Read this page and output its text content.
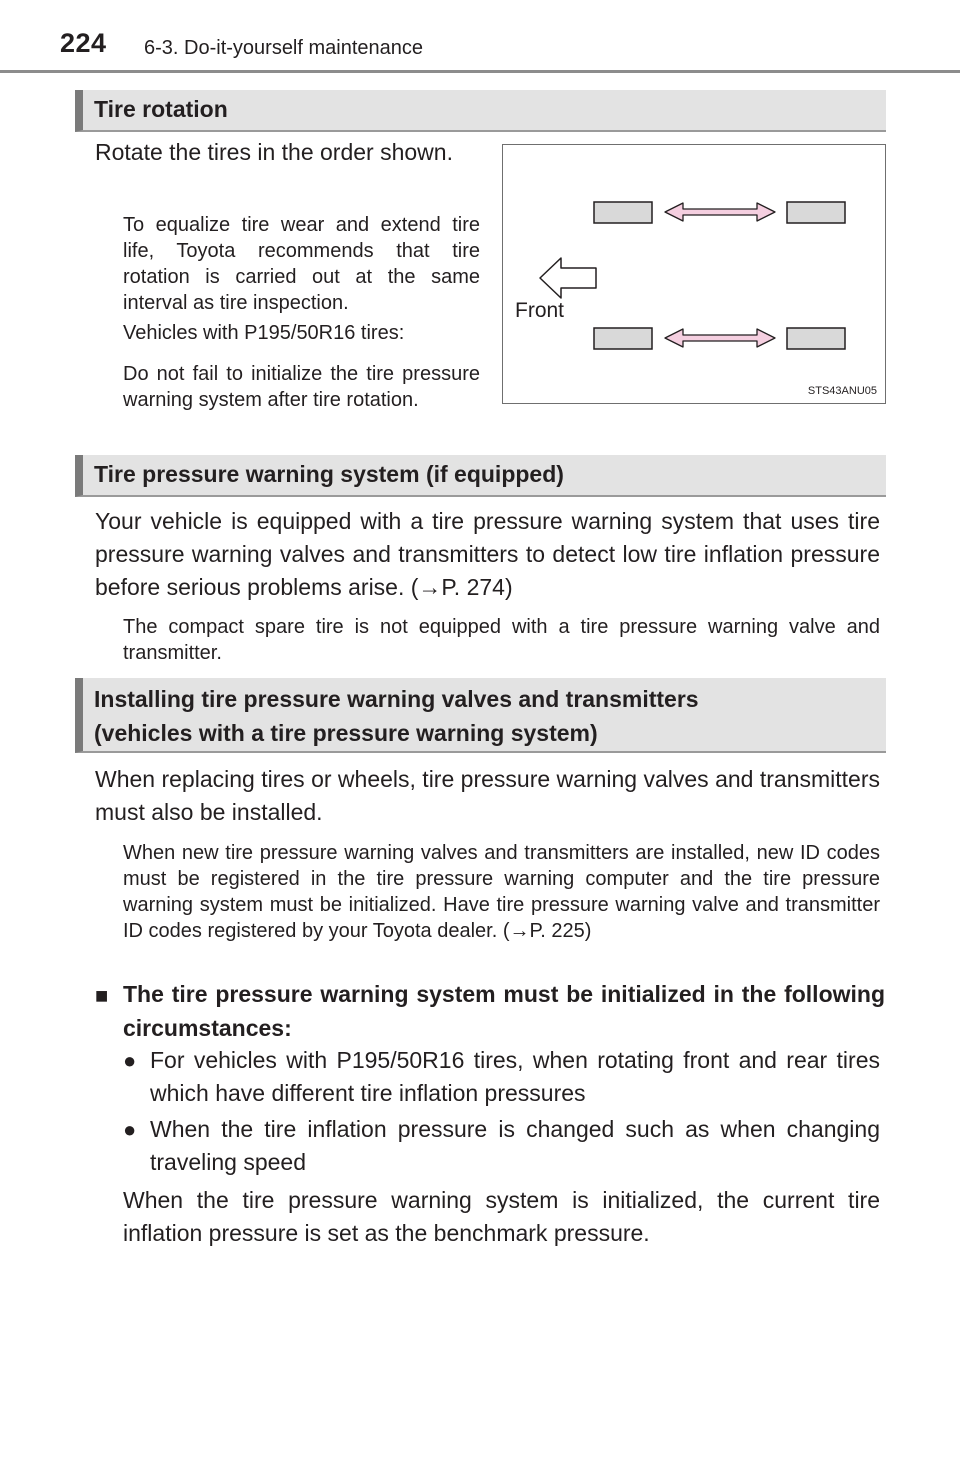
224 6-3. Do-it-yourself maintenance
Tire rotation
Rotate the tires in the order shown.
To equalize tire wear and extend tire life, Toyota recommends that tire rotation is carried out at the same interval as tire inspection.
Vehicles with P195/50R16 tires:
Do not fail to initialize the tire pressure warning system after tire rotation.
Front
STS43ANU05
Tire pressure warning system (if equipped)
Your vehicle is equipped with a tire pressure warning system that uses tire pressure warning valves and transmitters to detect low tire inflation pressure before serious problems arise. (→P. 274)
The compact spare tire is not equipped with a tire pressure warning valve and transmitter.
Installing tire pressure warning valves and transmitters
(vehicles with a tire pressure warning system)
When replacing tires or wheels, tire pressure warning valves and transmitters must also be installed.
When new tire pressure warning valves and transmitters are installed, new ID codes must be registered in the tire pressure warning computer and the tire pressure warning system must be initialized. Have tire pressure warning valve and transmitter ID codes registered by your Toyota dealer. (→P. 225)
■ The tire pressure warning system must be initialized in the following circumstances:
● For vehicles with P195/50R16 tires, when rotating front and rear tires which have different tire inflation pressures
● When the tire inflation pressure is changed such as when changing traveling speed
When the tire pressure warning system is initialized, the current tire inflation pressure is set as the benchmark pressure.
